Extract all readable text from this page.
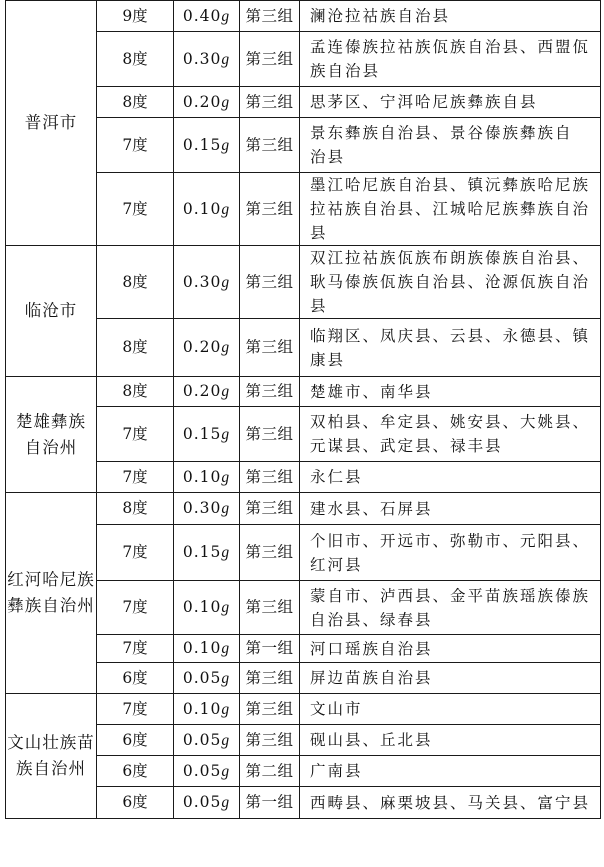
普洱市	9度	0.40g	第三组	澜沧拉祜族自治县

	8度	0.30g	第三组	孟连傣族拉祜族佤族自治县、西盟佤
族自治县

	8度	0.20g	第三组	思茅区、宁洱哈尼族彝族自县

	7度	0.15g	第三组	景东彝族自治县、景谷傣族彝族自
治县

	7度	0.10g	第三组	墨江哈尼族自治县、镇沅彝族哈尼族
拉祜族自治县、江城哈尼族彝族自治县

临沧市	8度	0.30g	第三组	双江拉祜族佤族布朗族傣族自治县、
耿马傣族佤族自治县、沧源佤族自治县

	8度	0.20g	第三组	临翔区、凤庆县、云县、永德县、镇
康县

楚雄彝族
自治州	8度	0.20g	第三组	楚雄市、南华县

	7度	0.15g	第三组	双柏县、牟定县、姚安县、大姚县、
元谋县、武定县、禄丰县

	7度	0.10g	第三组	永仁县

红河哈尼族
彝族自治州	8度	0.30g	第三组	建水县、石屏县

	7度	0.15g	第三组	个旧市、开远市、弥勒市、元阳县、
红河县

	7度	0.10g	第三组	蒙自市、泸西县、金平苗族瑶族傣族
自治县、绿春县

	7度	0.10g	第一组	河口瑶族自治县

	6度	0.05g	第三组	屏边苗族自治县

文山壮族苗
族自治州	7度	0.10g	第三组	文山市

	6度	0.05g	第三组	砚山县、丘北县

	6度	0.05g	第二组	广南县

	6度	0.05g	第一组	西畴县、麻栗坡县、马关县、富宁县
